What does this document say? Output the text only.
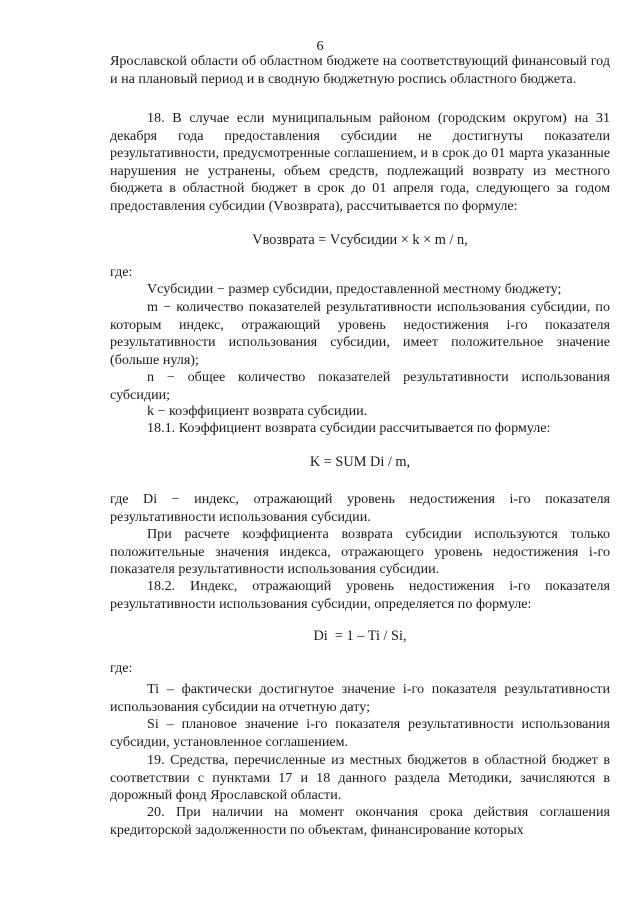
6

Ярославской области об областном бюджете на соответствующий финансовый год и на плановый период и в сводную бюджетную роспись областного бюджета.

18. В случае если муниципальным районом (городским округом) на 31 декабря года предоставления субсидии не достигнуты показатели результативности, предусмотренные соглашением, и в срок до 01 марта указанные нарушения не устранены, объем средств, подлежащий возврату из местного бюджета в областной бюджет в срок до 01 апреля года, следующего за годом предоставления субсидии (Vвозврата), рассчитывается по формуле:

Vвозврата = Vсубсидии × k × m / n,

где:

Vсубсидии − размер субсидии, предоставленной местному бюджету;

m − количество показателей результативности использования субсидии, по которым индекс, отражающий уровень недостижения i-го показателя результативности использования субсидии, имеет положительное значение (больше нуля);

n − общее количество показателей результативности использования субсидии;

k − коэффициент возврата субсидии.

18.1. Коэффициент возврата субсидии рассчитывается по формуле:

K = SUM Di / m,

где Di − индекс, отражающий уровень недостижения i-го показателя результативности использования субсидии.

При расчете коэффициента возврата субсидии используются только положительные значения индекса, отражающего уровень недостижения i-го показателя результативности использования субсидии.

18.2. Индекс, отражающий уровень недостижения i-го показателя результативности использования субсидии, определяется по формуле:

Di  = 1 – Ti / Si,

где:

Ti – фактически достигнутое значение i-го показателя результативности использования субсидии на отчетную дату;

Si – плановое значение i-го показателя результативности использования субсидии, установленное соглашением.

19. Средства, перечисленные из местных бюджетов в областной бюджет в соответствии с пунктами 17 и 18 данного раздела Методики, зачисляются в дорожный фонд Ярославской области.

20. При наличии на момент окончания срока действия соглашения кредиторской задолженности по объектам, финансирование которых
